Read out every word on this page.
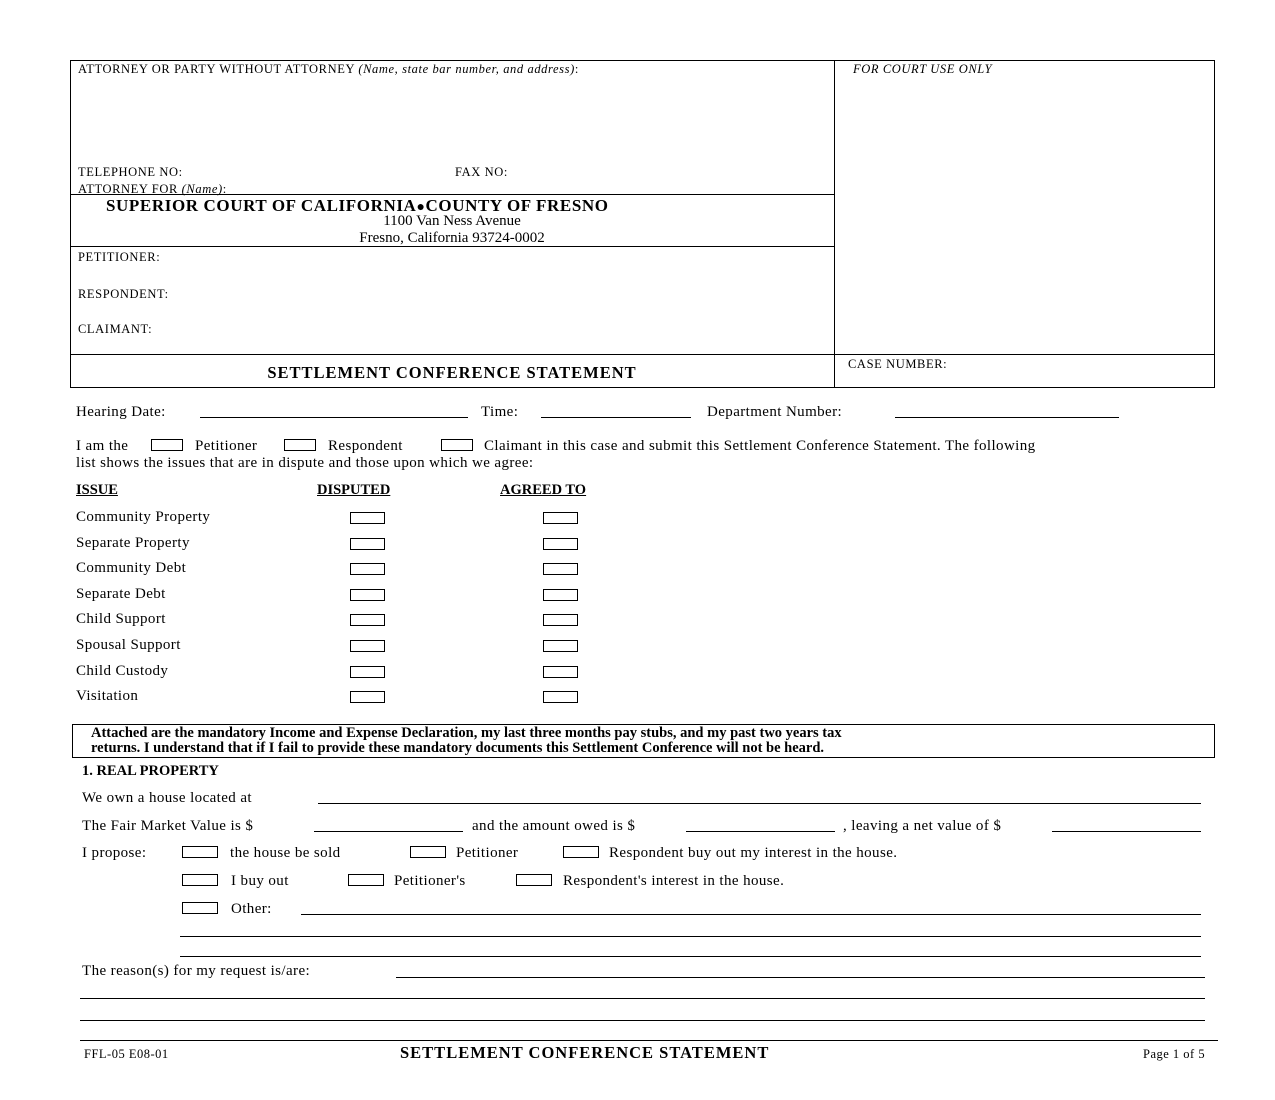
ATTORNEY OR PARTY WITHOUT ATTORNEY (Name, state bar number, and address):	FOR COURT USE ONLY
TELEPHONE NO:	FAX NO:
ATTORNEY FOR (Name):
SUPERIOR COURT OF CALIFORNIA●COUNTY OF FRESNO
1100 Van Ness Avenue
Fresno, California 93724-0002
PETITIONER:
RESPONDENT:
CLAIMANT:
SETTLEMENT CONFERENCE STATEMENT	CASE NUMBER:
Hearing Date:	Time:	Department Number:
I am the	Petitioner	Respondent	Claimant in this case and submit this Settlement Conference Statement. The following
list shows the issues that are in dispute and those upon which we agree:
ISSUE	DISPUTED	AGREED TO
Community Property
Separate Property
Community Debt
Separate Debt
Child Support
Spousal Support
Child Custody
Visitation
Attached are the mandatory Income and Expense Declaration, my last three months pay stubs, and my past two years tax
returns. I understand that if I fail to provide these mandatory documents this Settlement Conference will not be heard.
1. REAL PROPERTY
We own a house located at
The Fair Market Value is $	and the amount owed is $	, leaving a net value of $
I propose:	the house be sold	Petitioner	Respondent buy out my interest in the house.
I buy out	Petitioner's	Respondent's interest in the house.
Other:
The reason(s) for my request is/are:
FFL-05 E08-01	SETTLEMENT CONFERENCE STATEMENT	Page 1 of 5
